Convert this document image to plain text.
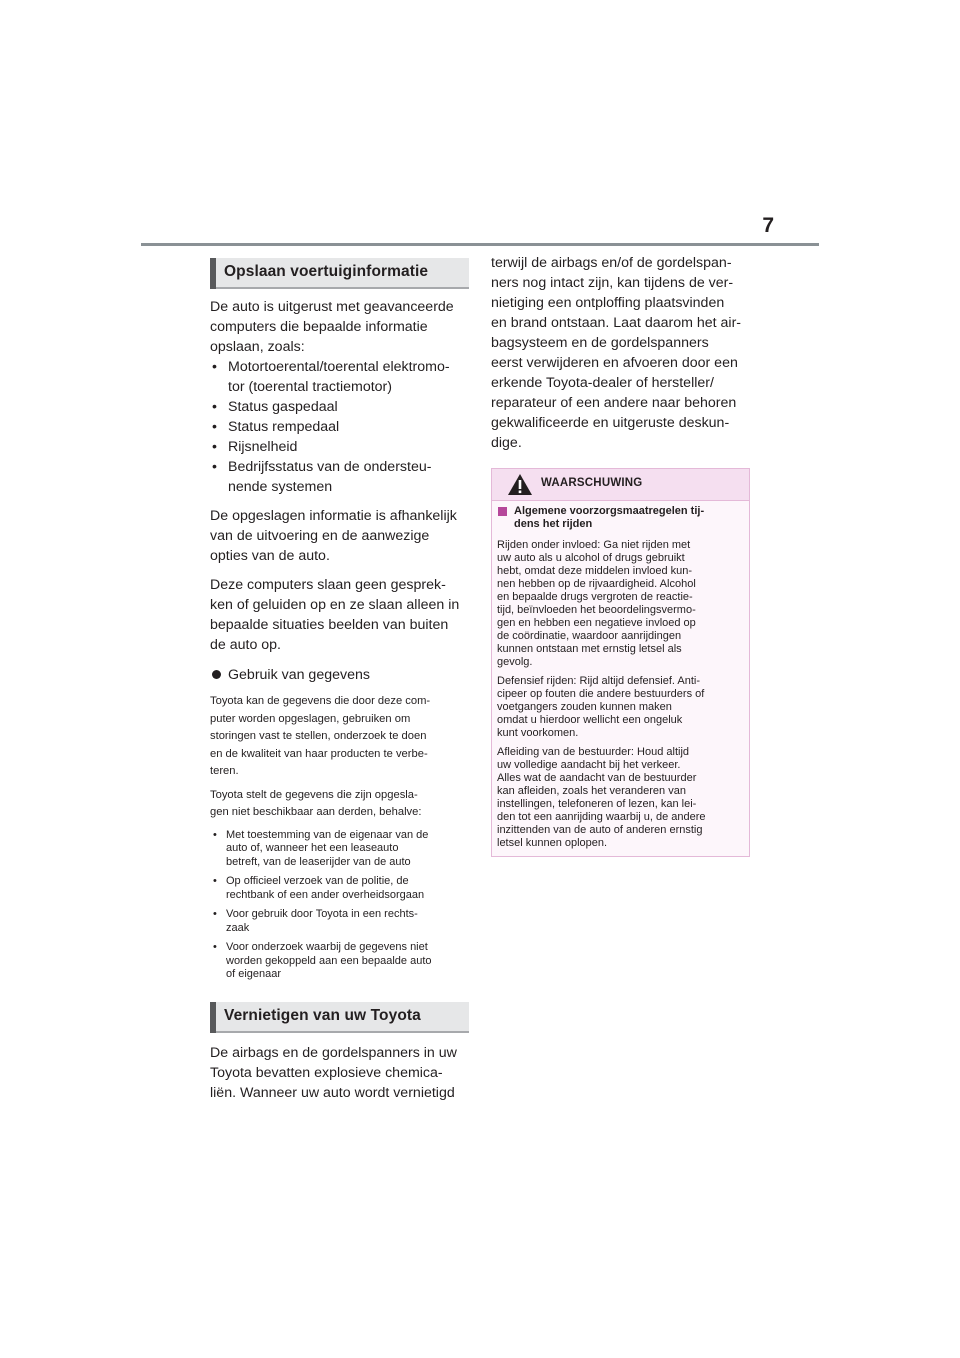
7
Opslaan voertuiginformatie

De auto is uitgerust met geavanceerde
computers die bepaalde informatie
opslaan, zoals:

• Motortoerental/toerental elektromo-
tor (toerental tractiemotor)
• Status gaspedaal
• Status rempedaal
• Rijsnelheid
• Bedrijfsstatus van de ondersteu-
nende systemen

De opgeslagen informatie is afhankelijk
van de uitvoering en de aanwezige
opties van de auto.

Deze computers slaan geen gesprek-
ken of geluiden op en ze slaan alleen in
bepaalde situaties beelden van buiten
de auto op.

Gebruik van gegevens

Toyota kan de gegevens die door deze com-
puter worden opgeslagen, gebruiken om
storingen vast te stellen, onderzoek te doen
en de kwaliteit van haar producten te verbe-
teren.

Toyota stelt de gegevens die zijn opgesla-
gen niet beschikbaar aan derden, behalve:

• Met toestemming van de eigenaar van de
auto of, wanneer het een leaseauto
betreft, van de leaserijder van de auto
• Op officieel verzoek van de politie, de
rechtbank of een ander overheidsorgaan
• Voor gebruik door Toyota in een rechts-
zaak
• Voor onderzoek waarbij de gegevens niet
worden gekoppeld aan een bepaalde auto
of eigenaar
Vernietigen van uw Toyota

De airbags en de gordelspanners in uw
Toyota bevatten explosieve chemica-
liën. Wanneer uw auto wordt vernietigd

terwijl de airbags en/of de gordelspan-
ners nog intact zijn, kan tijdens de ver-
nietiging een ontploffing plaatsvinden
en brand ontstaan. Laat daarom het air-
bagsysteem en de gordelspanners
eerst verwijderen en afvoeren door een
erkende Toyota-dealer of hersteller/
reparateur of een andere naar behoren
gekwalificeerde en uitgeruste deskun-
dige.

WAARSCHUWING
Algemene voorzorgsmaatregelen tij-
dens het rijden

Rijden onder invloed: Ga niet rijden met
uw auto als u alcohol of drugs gebruikt
hebt, omdat deze middelen invloed kun-
nen hebben op de rijvaardigheid. Alcohol
en bepaalde drugs vergroten de reactie-
tijd, beïnvloeden het beoordelingsvermo-
gen en hebben een negatieve invloed op
de coördinatie, waardoor aanrijdingen
kunnen ontstaan met ernstig letsel als
gevolg.

Defensief rijden: Rijd altijd defensief. Anti-
cipeer op fouten die andere bestuurders of
voetgangers zouden kunnen maken
omdat u hierdoor wellicht een ongeluk
kunt voorkomen.

Afleiding van de bestuurder: Houd altijd
uw volledige aandacht bij het verkeer.
Alles wat de aandacht van de bestuurder
kan afleiden, zoals het veranderen van
instellingen, telefoneren of lezen, kan lei-
den tot een aanrijding waarbij u, de andere
inzittenden van de auto of anderen ernstig
letsel kunnen oplopen.
